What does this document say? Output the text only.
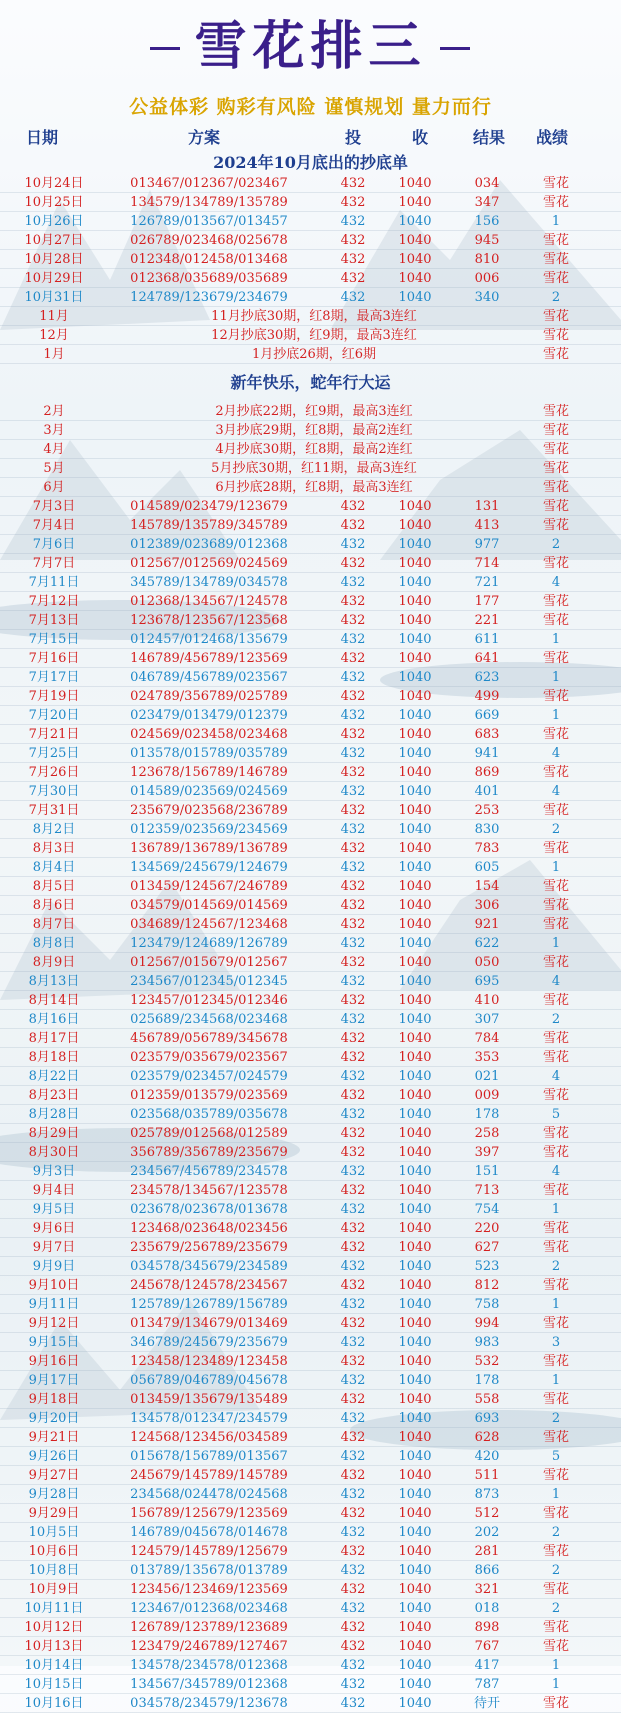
雪花排三
公益体彩 购彩有风险 谨慎规划 量力而行
日期	方案	投	收	结果 战绩
2024年10月底出的抄底单
10月24日	013467/012367/023467	432	1040	034	雪花
10月25日	134579/134789/135789	432	1040	347	雪花
10月26日	126789/013567/013457	432	1040	156	1
10月27日	026789/023468/025678	432	1040	945	雪花
10月28日	012348/012458/013468	432	1040	810	雪花
10月29日	012368/035689/035689	432	1040	006	雪花
10月31日	124789/123679/234679	432	1040	340	2
11月	11月抄底30期，红8期，最高3连红	雪花
12月	12月抄底30期，红9期，最高3连红	雪花
1月	1月抄底26期，红6期	雪花
新年快乐，蛇年行大运
2月	2月抄底22期，红9期，最高3连红	雪花
3月	3月抄底29期，红8期，最高2连红	雪花
4月	4月抄底30期，红8期，最高2连红	雪花
5月	5月抄底30期，红11期，最高3连红	雪花
6月	6月抄底28期，红8期，最高3连红	雪花
7月3日	014589/023479/123679	432	1040	131	雪花
7月4日	145789/135789/345789	432	1040	413	雪花
7月6日	012389/023689/012368	432	1040	977	2
7月7日	012567/012569/024569	432	1040	714	雪花
7月11日	345789/134789/034578	432	1040	721	4
7月12日	012368/134567/124578	432	1040	177	雪花
7月13日	123678/123567/123568	432	1040	221	雪花
7月15日	012457/012468/135679	432	1040	611	1
7月16日	146789/456789/123569	432	1040	641	雪花
7月17日	046789/456789/023567	432	1040	623	1
7月19日	024789/356789/025789	432	1040	499	雪花
7月20日	023479/013479/012379	432	1040	669	1
7月21日	024569/023458/023468	432	1040	683	雪花
7月25日	013578/015789/035789	432	1040	941	4
7月26日	123678/156789/146789	432	1040	869	雪花
7月30日	014589/023569/024569	432	1040	401	4
7月31日	235679/023568/236789	432	1040	253	雪花
8月2日	012359/023569/234569	432	1040	830	2
8月3日	136789/136789/136789	432	1040	783	雪花
8月4日	134569/245679/124679	432	1040	605	1
8月5日	013459/124567/246789	432	1040	154	雪花
8月6日	034579/014569/014569	432	1040	306	雪花
8月7日	034689/124567/123468	432	1040	921	雪花
8月8日	123479/124689/126789	432	1040	622	1
8月9日	012567/015679/012567	432	1040	050	雪花
8月13日	234567/012345/012345	432	1040	695	4
8月14日	123457/012345/012346	432	1040	410	雪花
8月16日	025689/234568/023468	432	1040	307	2
8月17日	456789/056789/345678	432	1040	784	雪花
8月18日	023579/035679/023567	432	1040	353	雪花
8月22日	023579/023457/024579	432	1040	021	4
8月23日	012359/013579/023569	432	1040	009	雪花
8月28日	023568/035789/035678	432	1040	178	5
8月29日	025789/012568/012589	432	1040	258	雪花
8月30日	356789/356789/235679	432	1040	397	雪花
9月3日	234567/456789/234578	432	1040	151	4
9月4日	234578/134567/123578	432	1040	713	雪花
9月5日	023678/023678/013678	432	1040	754	1
9月6日	123468/023648/023456	432	1040	220	雪花
9月7日	235679/256789/235679	432	1040	627	雪花
9月9日	034578/345679/234589	432	1040	523	2
9月10日	245678/124578/234567	432	1040	812	雪花
9月11日	125789/126789/156789	432	1040	758	1
9月12日	013479/134679/013469	432	1040	994	雪花
9月15日	346789/245679/235679	432	1040	983	3
9月16日	123458/123489/123458	432	1040	532	雪花
9月17日	056789/046789/045678	432	1040	178	1
9月18日	013459/135679/135489	432	1040	558	雪花
9月20日	134578/012347/234579	432	1040	693	2
9月21日	124568/123456/034589	432	1040	628	雪花
9月26日	015678/156789/013567	432	1040	420	5
9月27日	245679/145789/145789	432	1040	511	雪花
9月28日	234568/024478/024568	432	1040	873	1
9月29日	156789/125679/123569	432	1040	512	雪花
10月5日	146789/045678/014678	432	1040	202	2
10月6日	124579/145789/125679	432	1040	281	雪花
10月8日	013789/135678/013789	432	1040	866	2
10月9日	123456/123469/123569	432	1040	321	雪花
10月11日	123467/012368/023468	432	1040	018	2
10月12日	126789/123789/123689	432	1040	898	雪花
10月13日	123479/246789/127467	432	1040	767	雪花
10月14日	134578/234578/012368	432	1040	417	1
10月15日	134567/345789/012368	432	1040	787	1
10月16日	034578/234579/123678	432	1040	待开	雪花
